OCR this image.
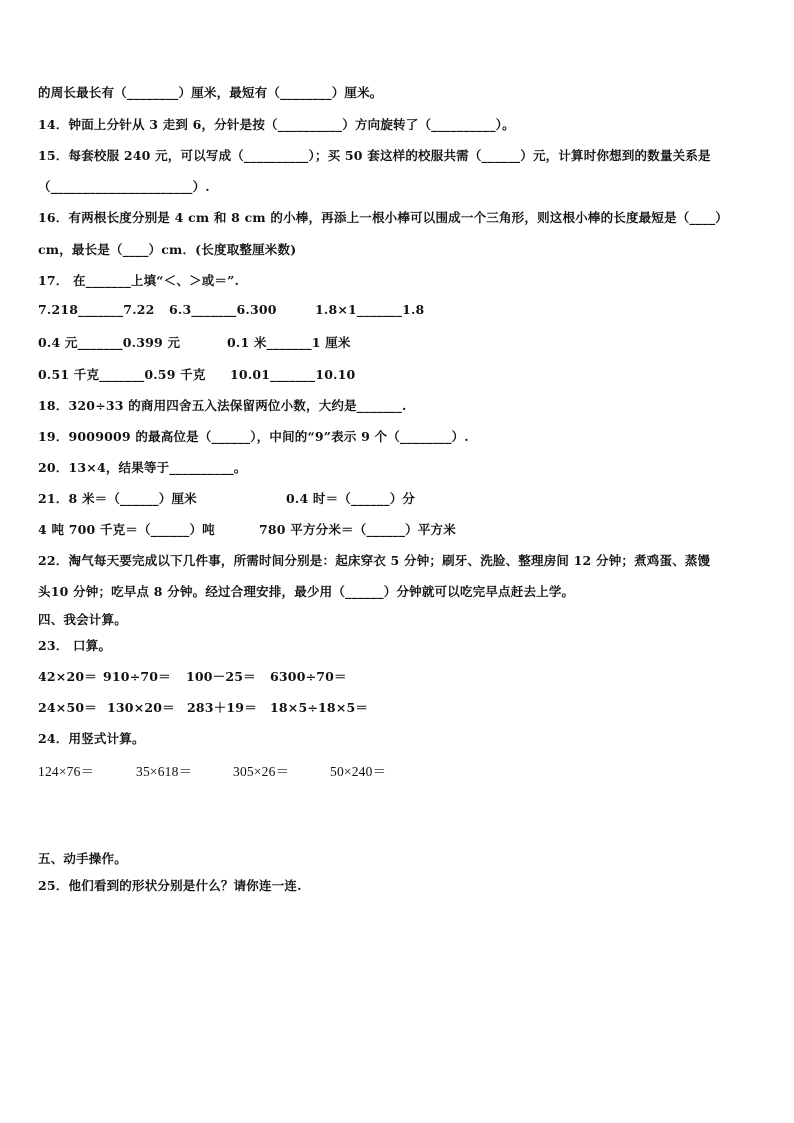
的周长最长有（________）厘米，最短有（________）厘米。
14．钟面上分针从 3 走到 6，分针是按（__________）方向旋转了（__________）。
15．每套校服 240 元，可以写成（__________）；买 50 套这样的校服共需（______）元，计算时你想到的数量关系是
（______________________）.
16．有两根长度分别是 4 cm 和 8 cm 的小棒，再添上一根小棒可以围成一个三角形，则这根小棒的长度最短是（____）
cm，最长是（____）cm．(长度取整厘米数)
17． 在_______上填“＜、＞或＝”.
7.218_______7.22 6.3_______6.300	1.8×1_______1.8
0.4 元_______0.399 元	0.1 米_______1 厘米
0.51 千克_______0.59 千克 10.01_______10.10
18．320÷33 的商用四舍五入法保留两位小数，大约是_______.
19．9009009 的最高位是（______），中间的“9”表示 9 个（________）.
20．13×4，结果等于__________。
21．8 米＝（______）厘米	0.4 时＝（______）分
4 吨 700 千克＝（______）吨	780 平方分米＝（______）平方米
22．淘气每天要完成以下几件事，所需时间分别是：起床穿衣 5 分钟；刷牙、洗脸、整理房间 12 分钟；煮鸡蛋、蒸馒
头10 分钟；吃早点 8 分钟。经过合理安排，最少用（______）分钟就可以吃完早点赶去上学。
四、我会计算。
23． 口算。
42×20＝ 910÷70＝ 100－25＝ 6300÷70＝
24×50＝ 130×20＝ 283＋19＝ 18×5÷18×5＝
24．用竖式计算。
124×76＝	35×618＝	305×26＝	50×240＝
五、动手操作。
25．他们看到的形状分别是什么？请你连一连.
